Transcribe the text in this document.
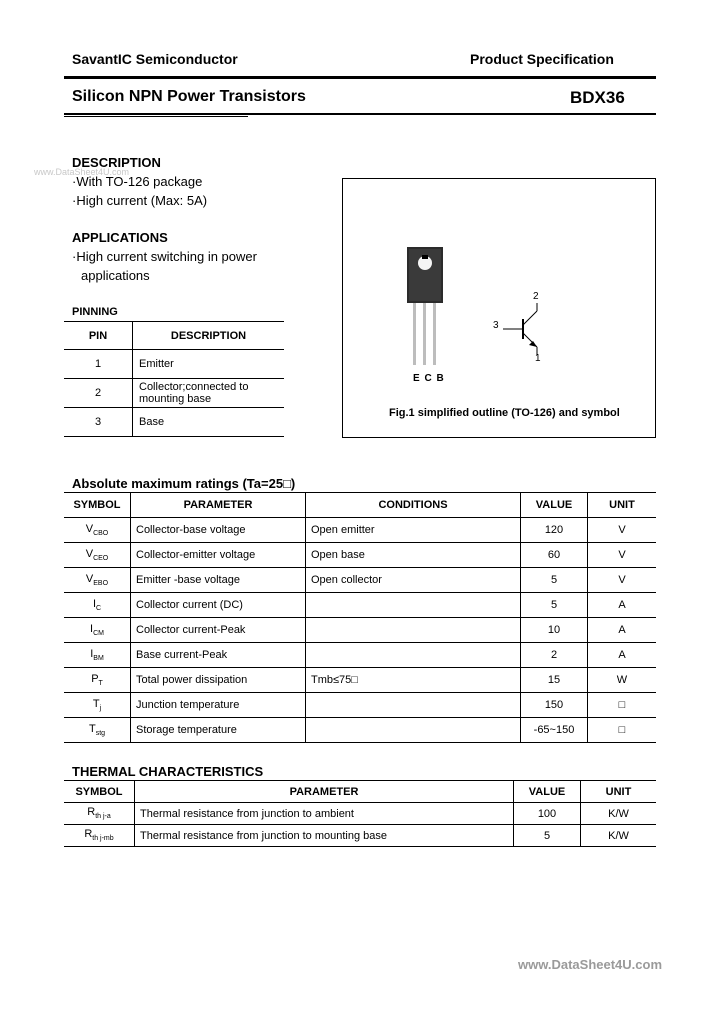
SavantIC Semiconductor	Product Specification
Silicon NPN Power Transistors	BDX36
www.DataSheet4U.com
www.DataSheet4U.com
DESCRIPTION
·With TO-126 package
·High current (Max: 5A)
APPLICATIONS
·High current switching in power
applications
PINNING
PIN	DESCRIPTION
1	Emitter
2	Collector;connected to mounting base
3	Base
E C B
2
3
1
Fig.1 simplified outline (TO-126) and symbol
Absolute maximum ratings (Ta=25□)
SYMBOL	PARAMETER	CONDITIONS	VALUE	UNIT
$V_{CBO}$	Collector-base voltage	Open emitter	120	V
$V_{CEO}$	Collector-emitter voltage	Open base	60	V
$V_{EBO}$	Emitter -base voltage	Open collector	5	V
$I_C$	Collector current (DC)		5	A
$I_{CM}$	Collector current-Peak		10	A
$I_{BM}$	Base current-Peak		2	A
$P_T$	Total power dissipation	Tmb≤75□	15	W
$T_j$	Junction temperature		150	□
$T_{stg}$	Storage temperature		-65~150	□
THERMAL CHARACTERISTICS
SYMBOL	PARAMETER	VALUE	UNIT
$R_{th j-a}$	Thermal resistance from junction to ambient	100	K/W
$R_{th j-mb}$	Thermal resistance from junction to mounting base	5	K/W
